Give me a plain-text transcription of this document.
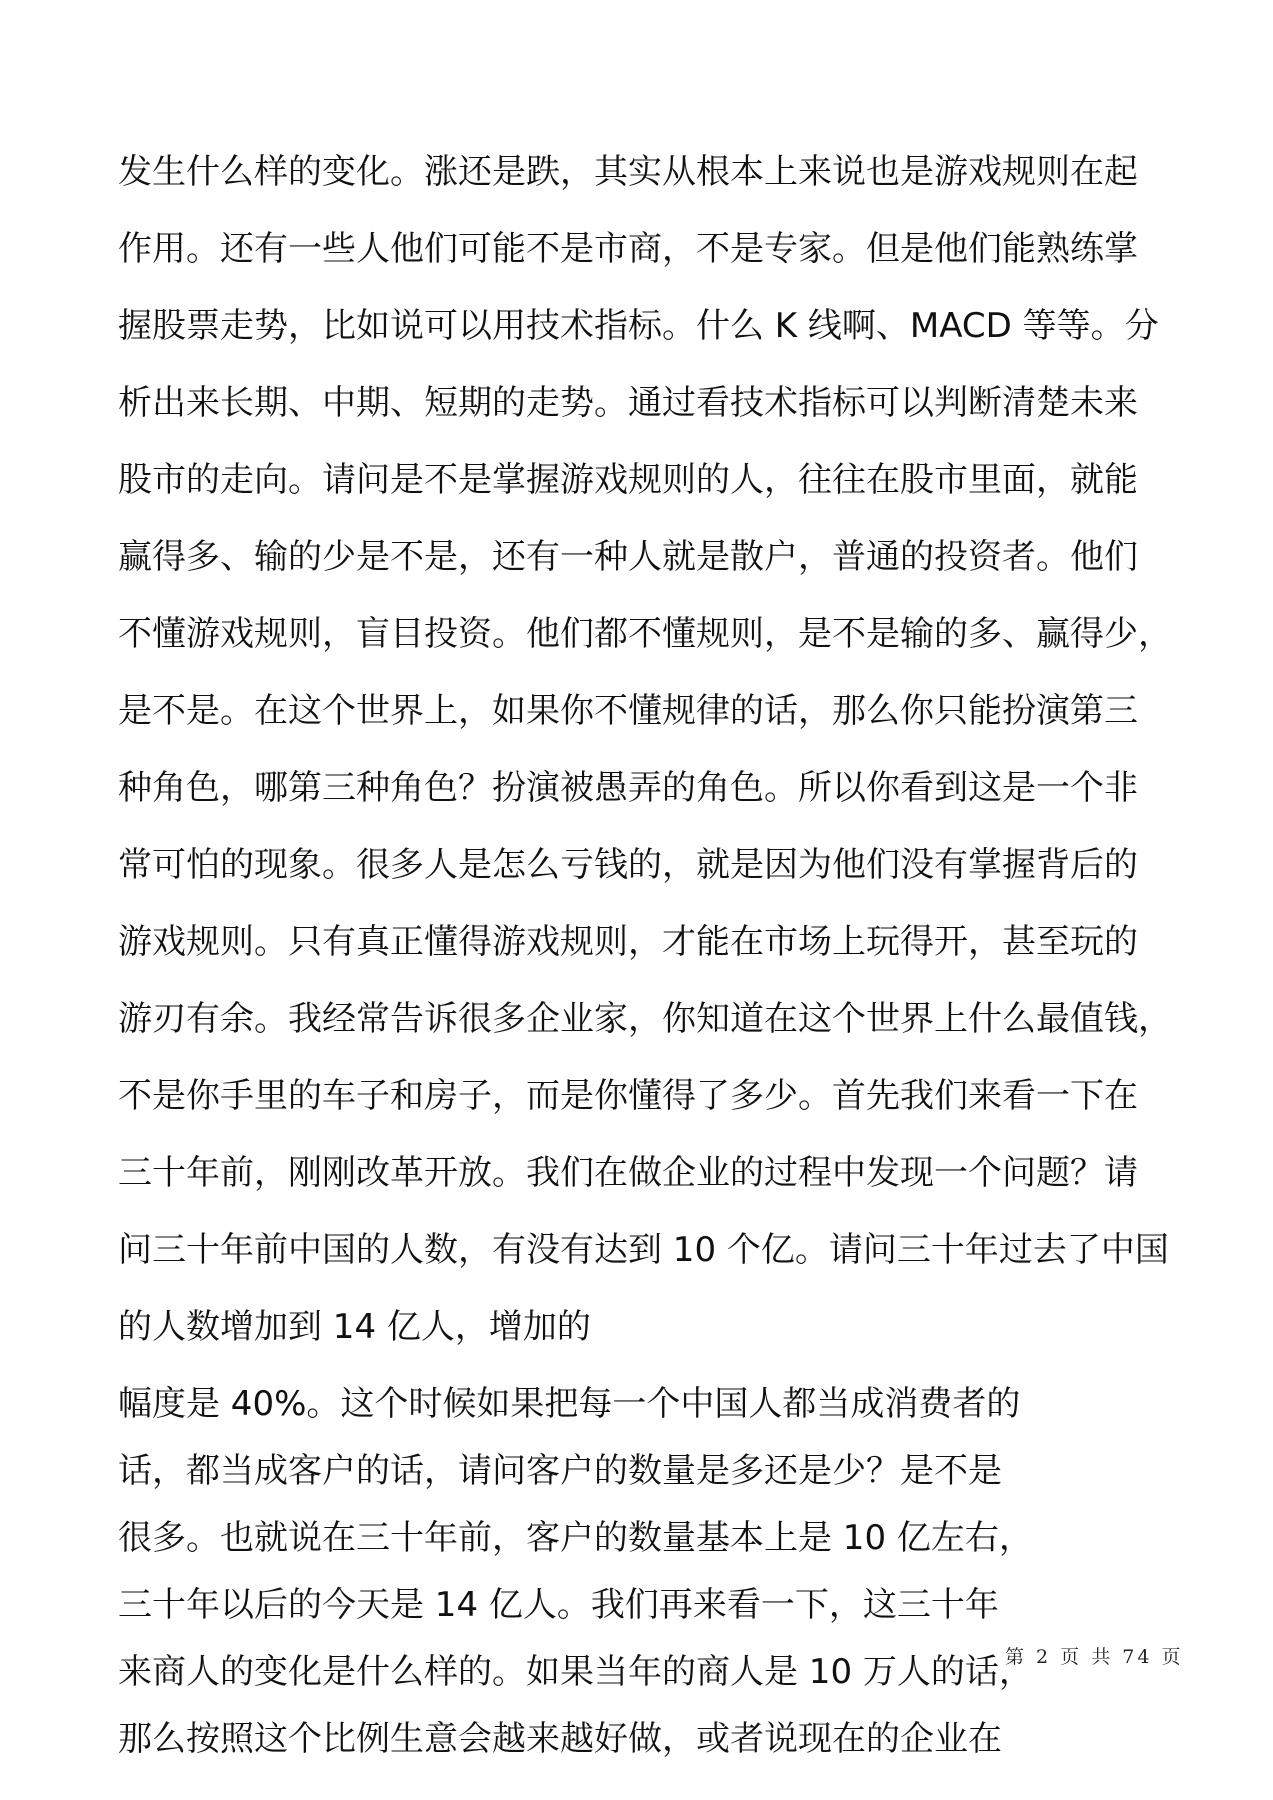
发生什么样的变化。涨还是跌，其实从根本上来说也是游戏规则在起
作用。还有一些人他们可能不是市商，不是专家。但是他们能熟练掌
握股票走势，比如说可以用技术指标。什么 K 线啊、MACD 等等。分
析出来长期、中期、短期的走势。通过看技术指标可以判断清楚未来
股市的走向。请问是不是掌握游戏规则的人，往往在股市里面，就能
赢得多、输的少是不是，还有一种人就是散户，普通的投资者。他们
不懂游戏规则，盲目投资。他们都不懂规则，是不是输的多、赢得少，
是不是。在这个世界上，如果你不懂规律的话，那么你只能扮演第三
种角色，哪第三种角色？扮演被愚弄的角色。所以你看到这是一个非
常可怕的现象。很多人是怎么亏钱的，就是因为他们没有掌握背后的
游戏规则。只有真正懂得游戏规则，才能在市场上玩得开，甚至玩的
游刃有余。我经常告诉很多企业家，你知道在这个世界上什么最值钱，
不是你手里的车子和房子，而是你懂得了多少。首先我们来看一下在
三十年前，刚刚改革开放。我们在做企业的过程中发现一个问题？请
问三十年前中国的人数，有没有达到 10 个亿。请问三十年过去了中国
的人数增加到 14 亿人，增加的
幅度是 40%。这个时候如果把每一个中国人都当成消费者的
话，都当成客户的话，请问客户的数量是多还是少？是不是
很多。也就说在三十年前，客户的数量基本上是 10 亿左右，
三十年以后的今天是 14 亿人。我们再来看一下，这三十年
来商人的变化是什么样的。如果当年的商人是 10 万人的话，
那么按照这个比例生意会越来越好做，或者说现在的企业在
第 2 页 共 74 页
